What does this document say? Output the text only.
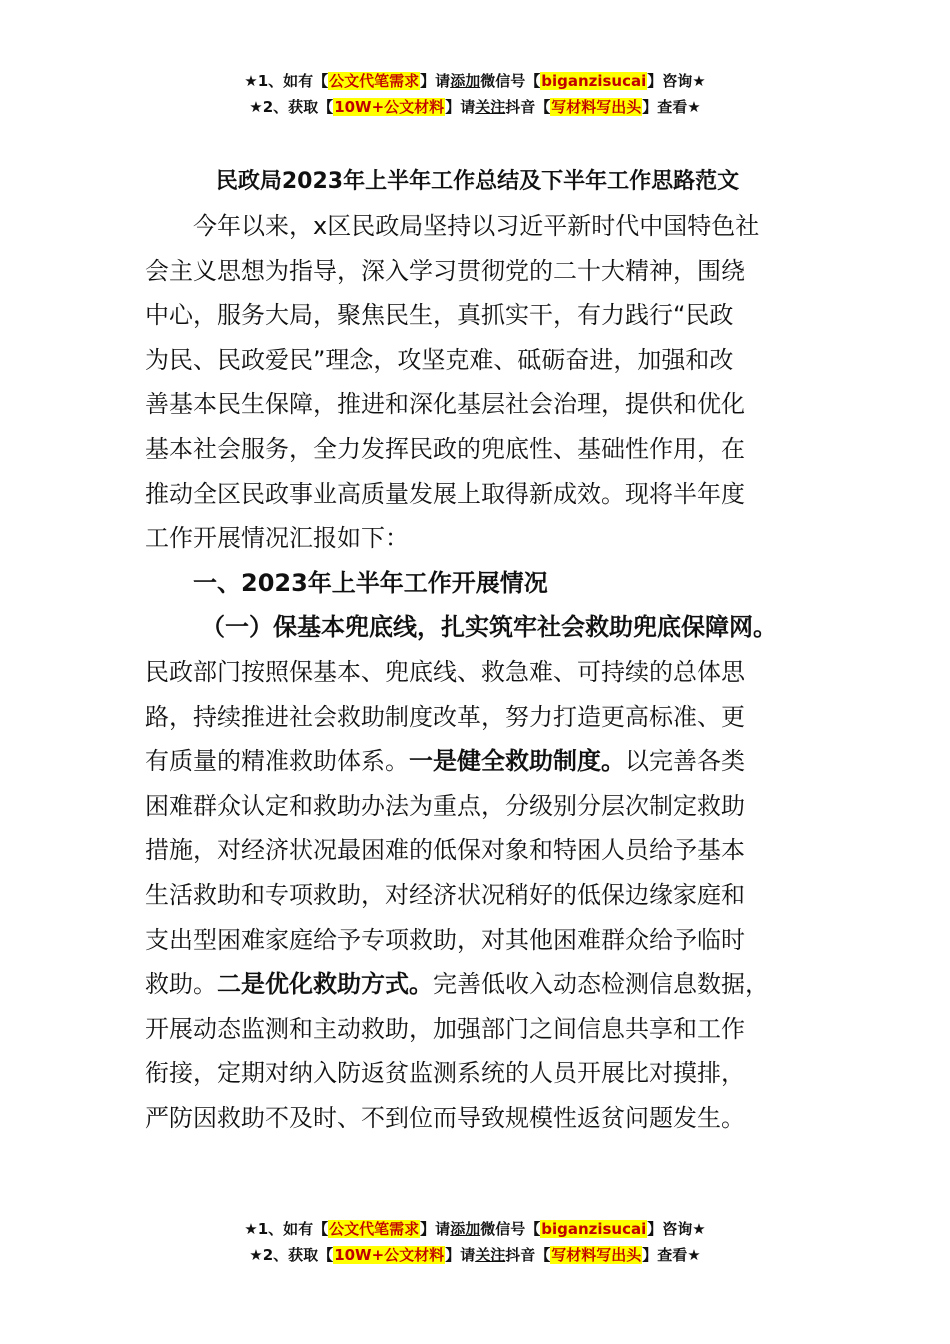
★1、如有【公文代笔需求】请添加微信号【biganzisucai】咨询★
★2、获取【10W+公文材料】请关注抖音【写材料写出头】查看★
民政局2023年上半年工作总结及下半年工作思路范文

今年以来，x区民政局坚持以习近平新时代中国特色社
会主义思想为指导，深入学习贯彻党的二十大精神，围绕
中心，服务大局，聚焦民生，真抓实干，有力践行“民政
为民、民政爱民”理念，攻坚克难、砥砺奋进，加强和改
善基本民生保障，推进和深化基层社会治理，提供和优化
基本社会服务，全力发挥民政的兜底性、基础性作用，在
推动全区民政事业高质量发展上取得新成效。现将半年度
工作开展情况汇报如下：

一、2023年上半年工作开展情况
（一）保基本兜底线，扎实筑牢社会救助兜底保障网。

民政部门按照保基本、兜底线、救急难、可持续的总体思
路，持续推进社会救助制度改革，努力打造更高标准、更
有质量的精准救助体系。一是健全救助制度。以完善各类
困难群众认定和救助办法为重点，分级别分层次制定救助
措施，对经济状况最困难的低保对象和特困人员给予基本
生活救助和专项救助，对经济状况稍好的低保边缘家庭和
支出型困难家庭给予专项救助，对其他困难群众给予临时
救助。二是优化救助方式。完善低收入动态检测信息数据，
开展动态监测和主动救助，加强部门之间信息共享和工作
衔接，定期对纳入防返贫监测系统的人员开展比对摸排，
严防因救助不及时、不到位而导致规模性返贫问题发生。

★1、如有【公文代笔需求】请添加微信号【biganzisucai】咨询★
★2、获取【10W+公文材料】请关注抖音【写材料写出头】查看★
